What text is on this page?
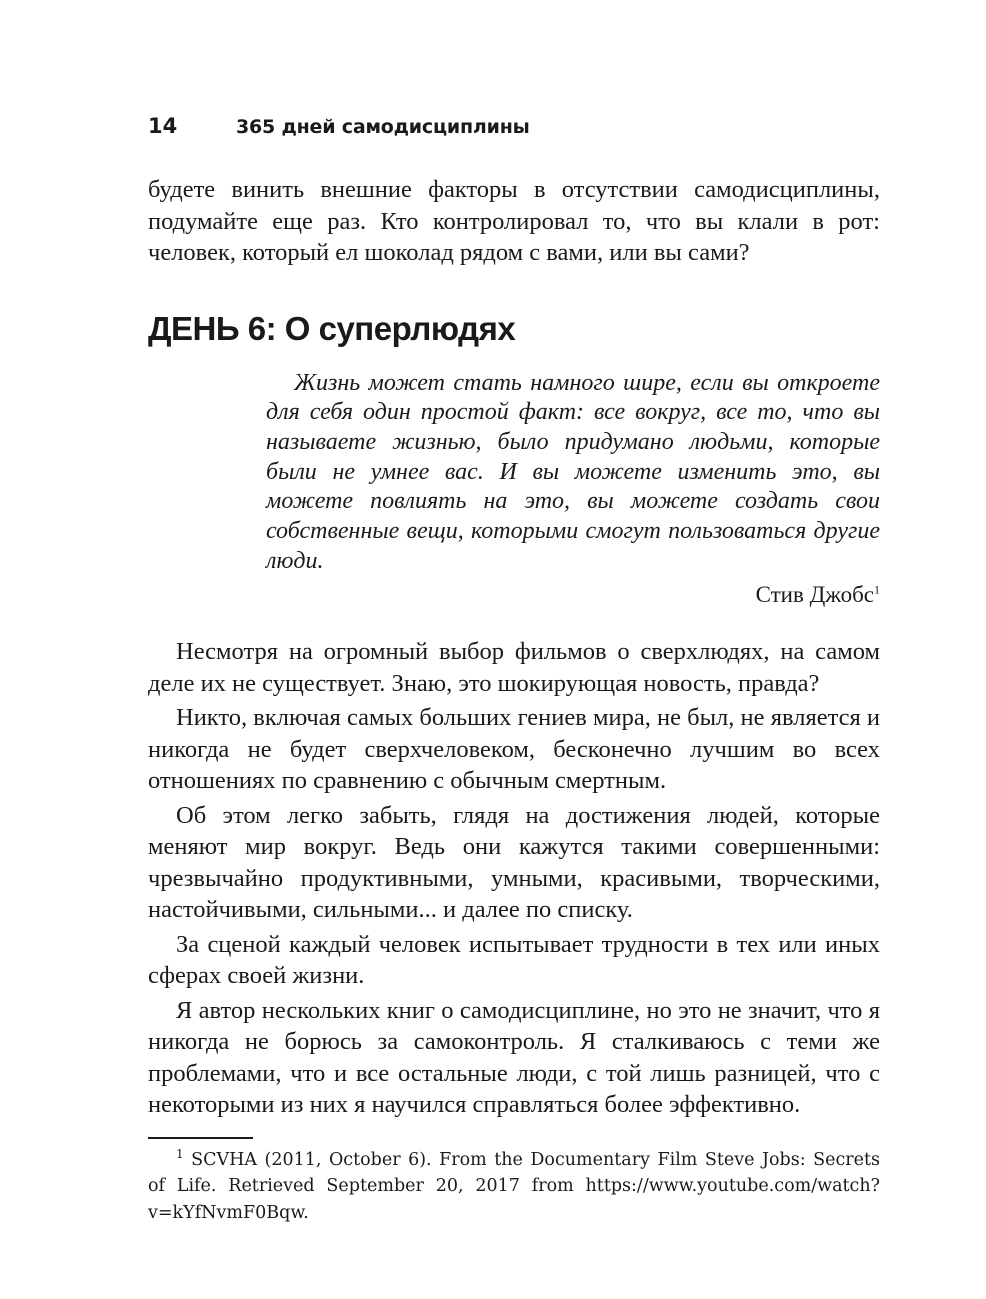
14	365 дней самодисциплины

будете винить внешние факторы в отсутствии самодисциплины, подумайте еще раз. Кто контролировал то, что вы клали в рот: человек, который ел шоколад рядом с вами, или вы сами?

ДЕНЬ 6: О суперлюдях

Жизнь может стать намного шире, если вы откроете для себя один простой факт: все вокруг, все то, что вы называете жизнью, было придумано людьми, которые были не умнее вас. И вы можете изменить это, вы можете повлиять на это, вы можете создать свои собственные вещи, которыми смогут пользоваться другие люди.

Стив Джобс$^1$

Несмотря на огромный выбор фильмов о сверхлюдях, на самом деле их не существует. Знаю, это шокирующая новость, правда?

Никто, включая самых больших гениев мира, не был, не является и никогда не будет сверхчеловеком, бесконечно лучшим во всех отношениях по сравнению с обычным смертным.

Об этом легко забыть, глядя на достижения людей, которые меняют мир вокруг. Ведь они кажутся такими совершенными: чрезвычайно продуктивными, умными, красивыми, творческими, настойчивыми, сильными... и далее по списку.

За сценой каждый человек испытывает трудности в тех или иных сферах своей жизни.

Я автор нескольких книг о самодисциплине, но это не значит, что я никогда не борюсь за самоконтроль. Я сталкиваюсь с теми же проблемами, что и все остальные люди, с той лишь разницей, что с некоторыми из них я научился справляться более эффективно.

$^1$ SCVHA (2011, October 6). From the Documentary Film Steve Jobs: Secrets of Life. Retrieved September 20, 2017 from https://www.youtube.com/watch?v=kYfNvmF0Bqw.
